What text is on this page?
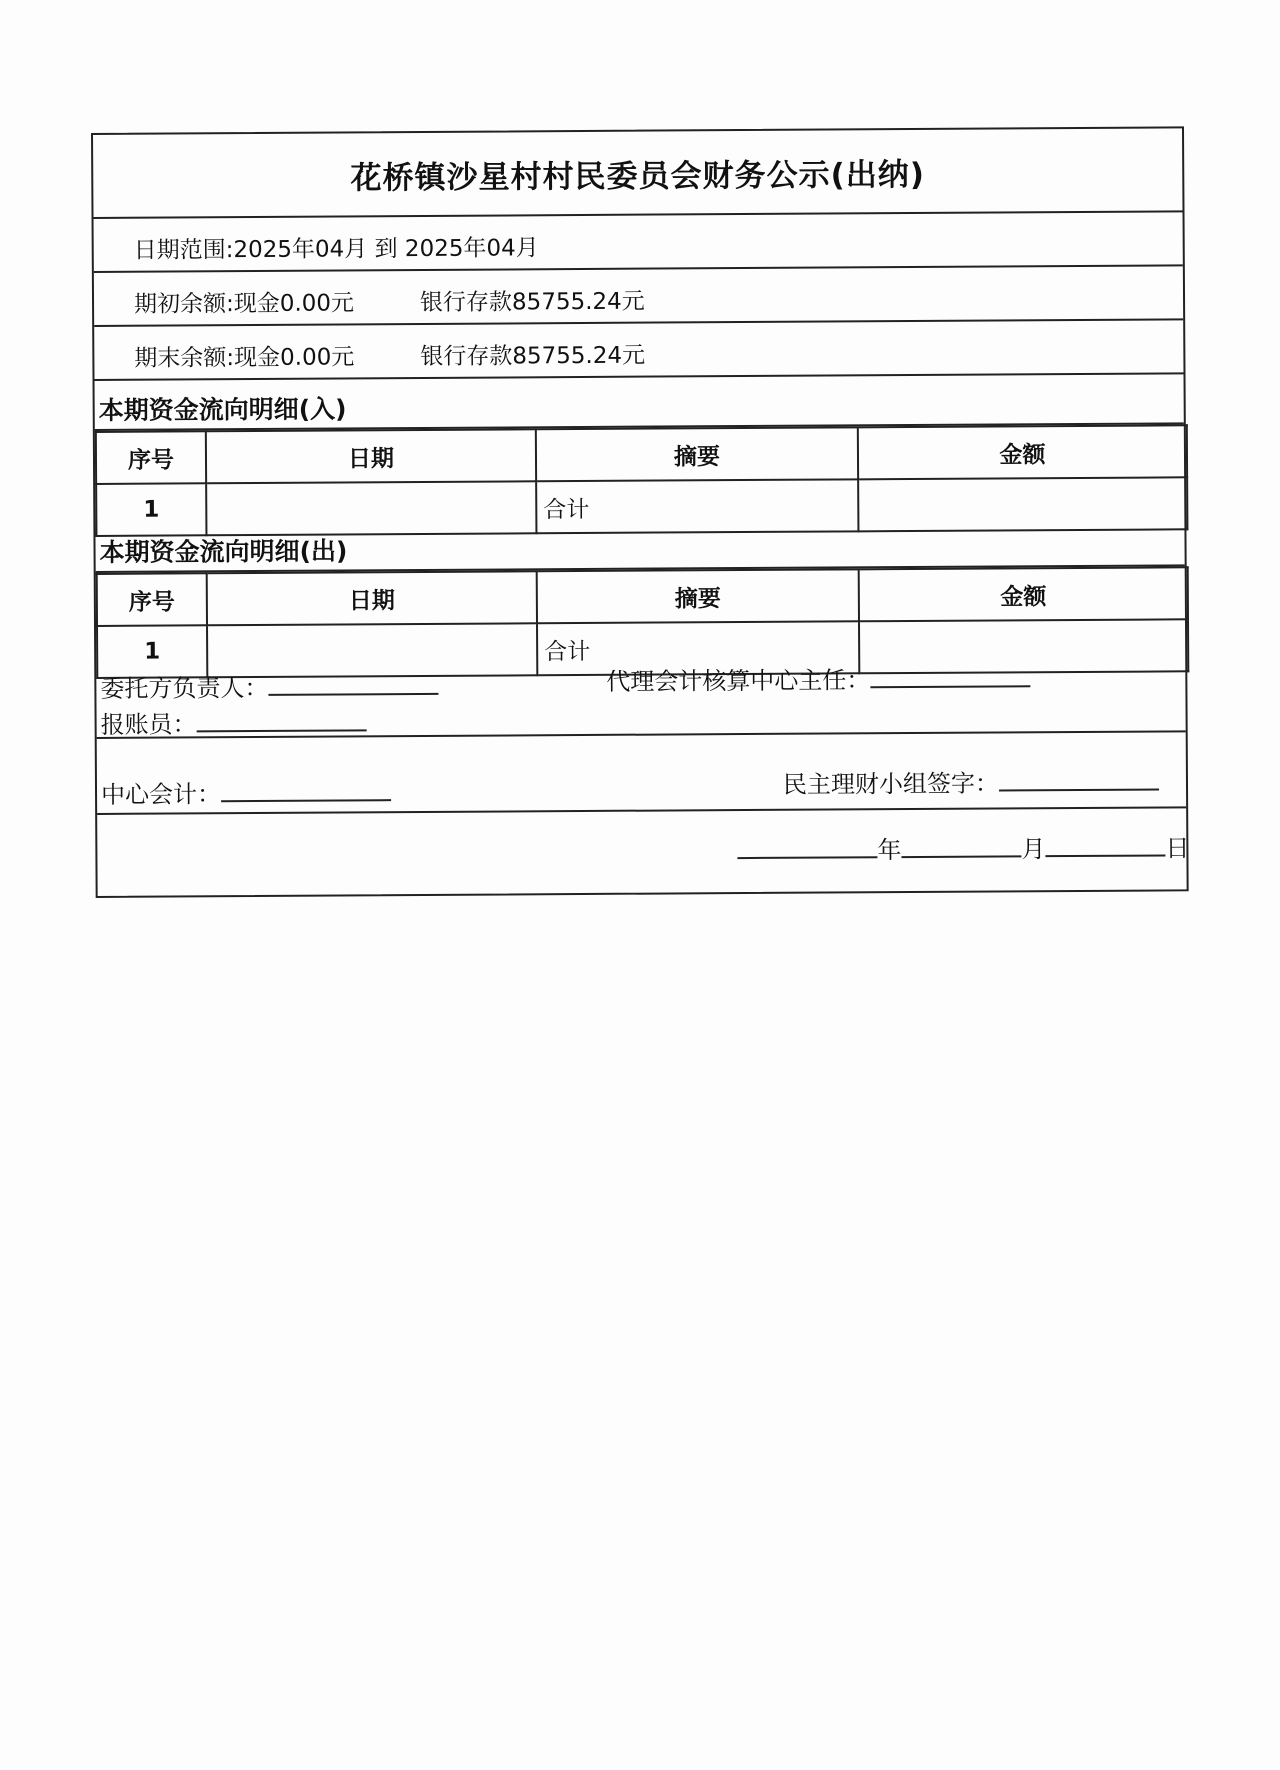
花桥镇沙星村村民委员会财务公示(出纳)
日期范围: 2025年04月 到 2025年04月
期初余额: 现金0.00元	银行存款85755.24元
期末余额: 现金0.00元	银行存款85755.24元
本期资金流向明细(入)
序号	日期	摘要	金额
1		合计	
本期资金流向明细(出)
序号	日期	摘要	金额
1		合计	
委托方负责人：	代理会计核算中心主任：
报账员：
中心会计：	民主理财小组签字：
年	月	日
